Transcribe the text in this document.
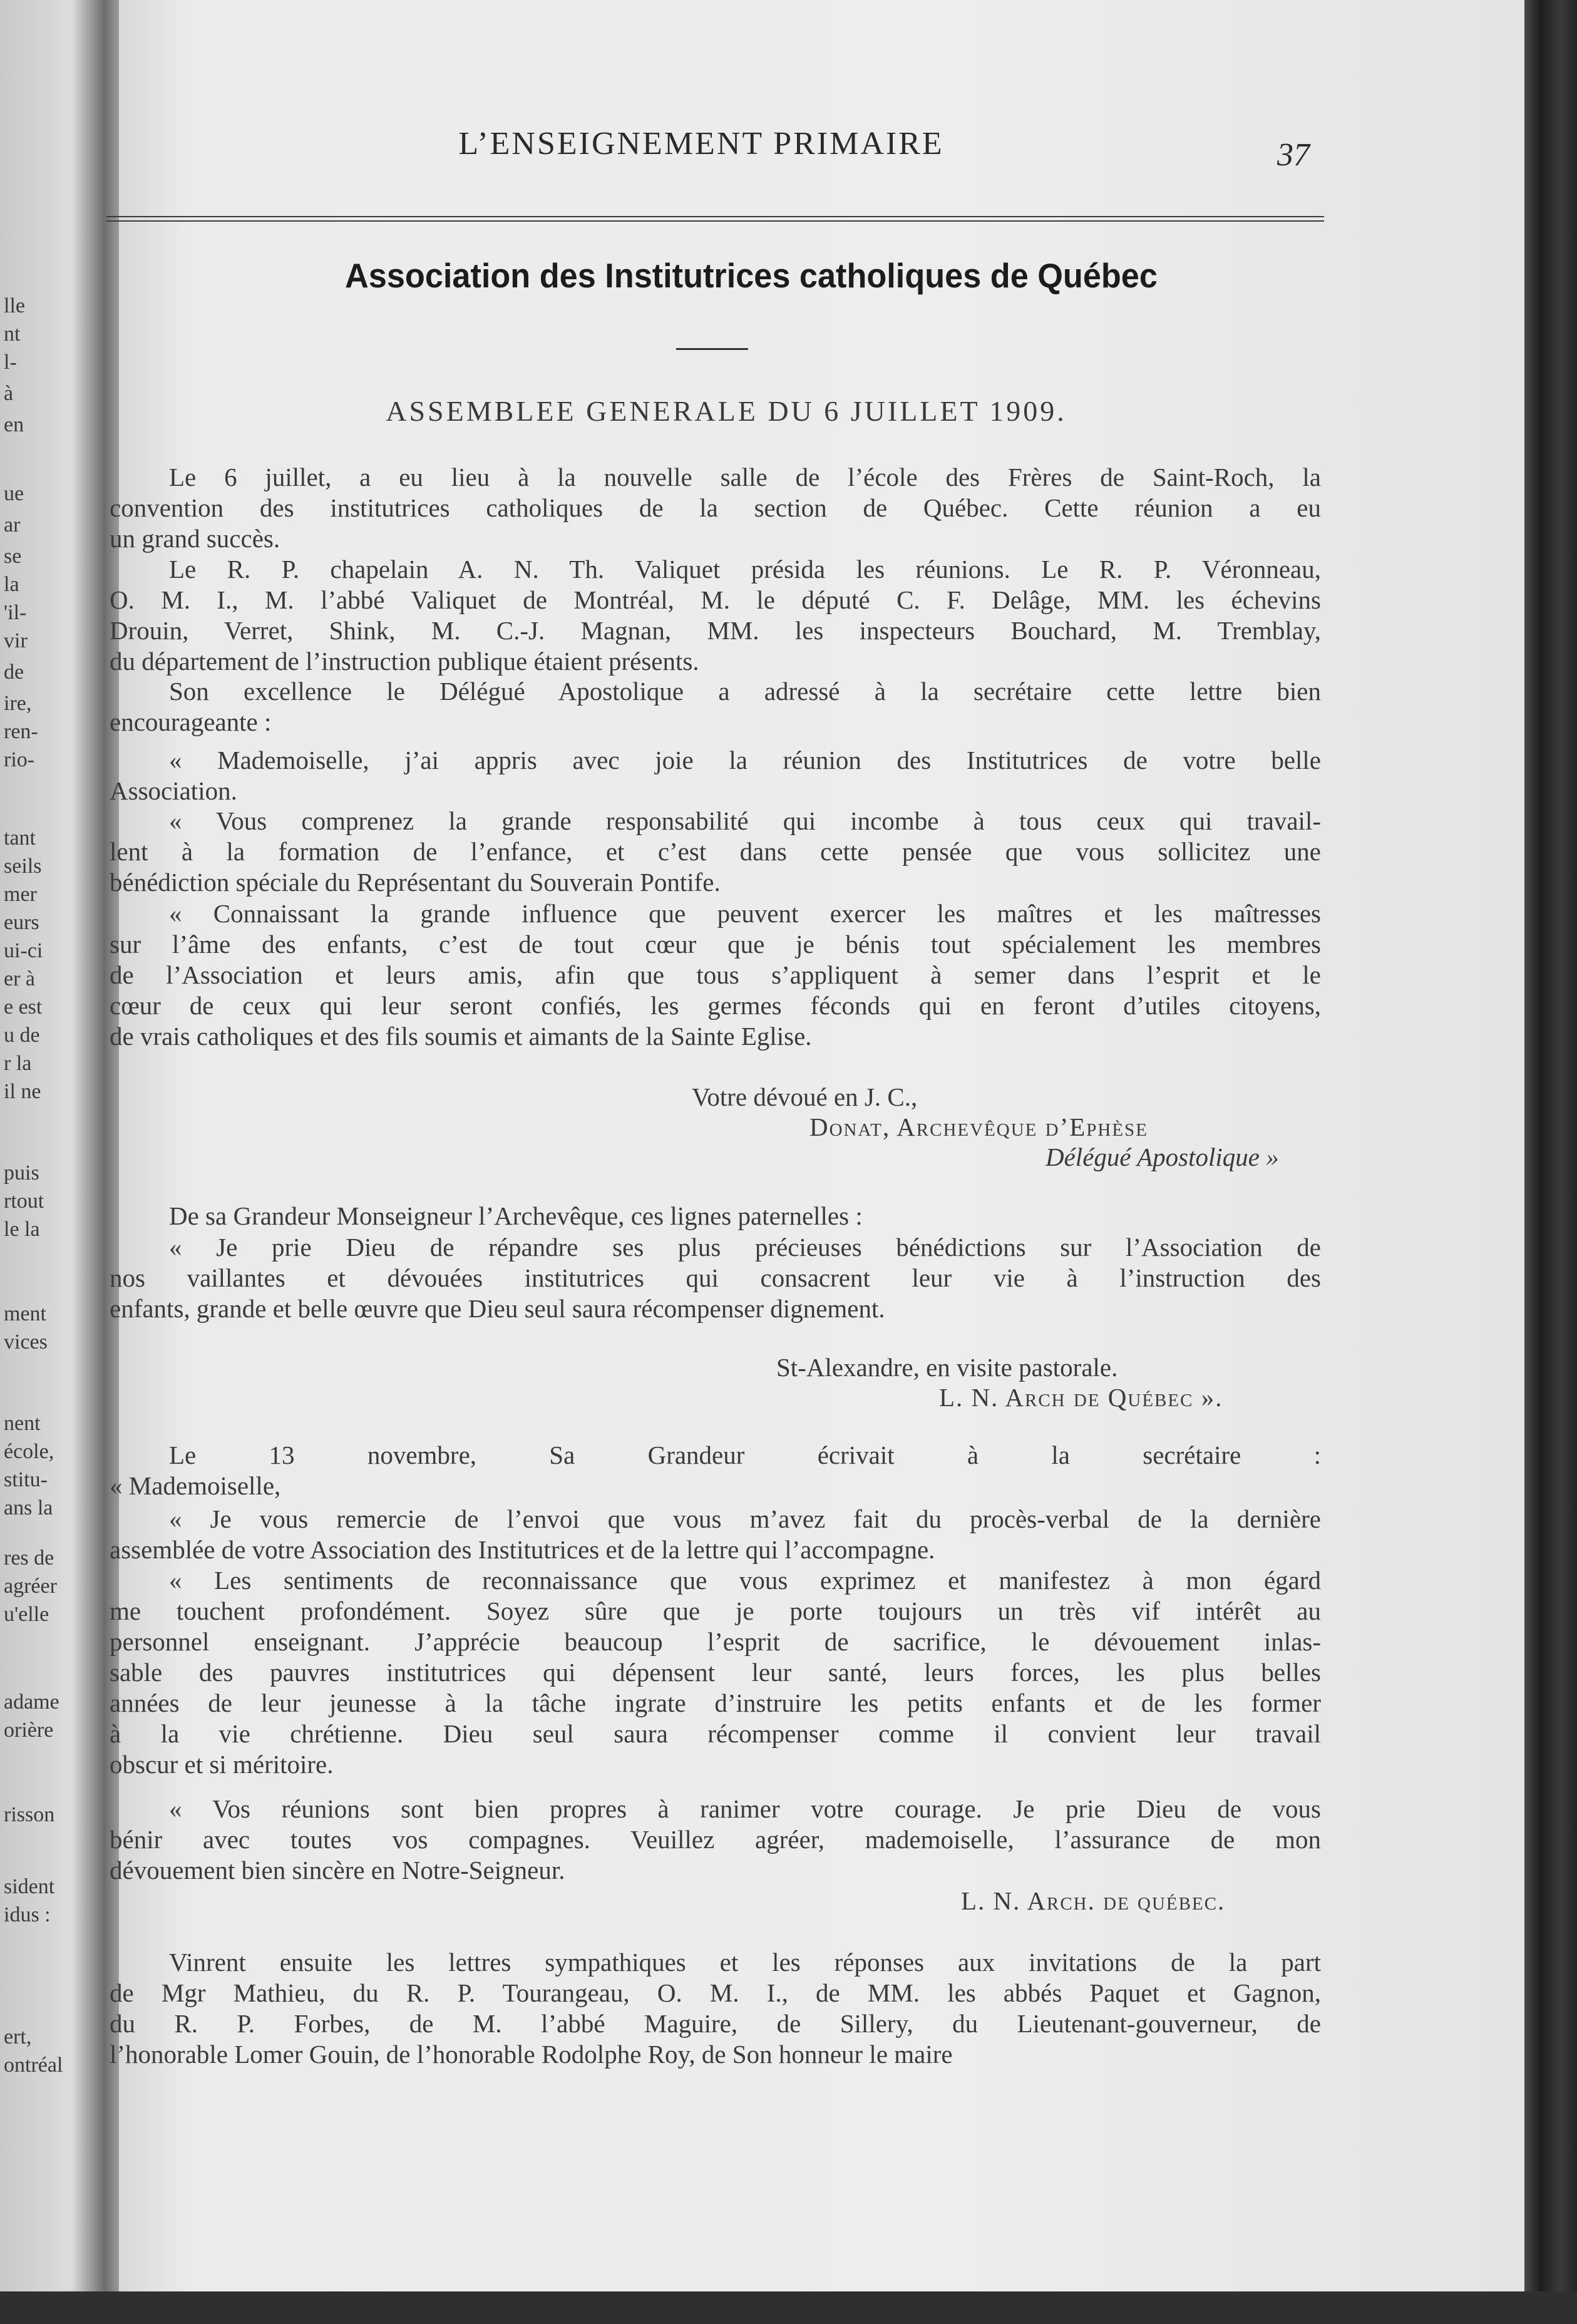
lle
nt
l-
à
en
ue
ar
se
la
'il-
vir
de
ire,
ren-
rio-
tant
seils
mer
eurs
ui-ci
er à
e est
u de
r la
il ne
puis
rtout
le la
ment
vices
nent
école,
stitu-
ans la
res de
agréer
u'elle
adame
orière
risson
sident
idus :
ert,
ontréal
L’ENSEIGNEMENT PRIMAIRE	37
Association des Institutrices catholiques de Québec
ASSEMBLEE GENERALE DU 6 JUILLET 1909.
Le 6 juillet, a eu lieu à la nouvelle salle de l’école des Frères de Saint-Roch, la
convention des institutrices catholiques de la section de Québec. Cette réunion a eu
un grand succès.
Le R. P. chapelain A. N. Th. Valiquet présida les réunions. Le R. P. Véronneau,
O. M. I., M. l’abbé Valiquet de Montréal, M. le député C. F. Delâge, MM. les échevins
Drouin, Verret, Shink, M. C.-J. Magnan, MM. les inspecteurs Bouchard, M. Tremblay,
du département de l’instruction publique étaient présents.
Son excellence le Délégué Apostolique a adressé à la secrétaire cette lettre bien
encourageante :
« Mademoiselle, j’ai appris avec joie la réunion des Institutrices de votre belle
Association.
« Vous comprenez la grande responsabilité qui incombe à tous ceux qui travail-
lent à la formation de l’enfance, et c’est dans cette pensée que vous sollicitez une
bénédiction spéciale du Représentant du Souverain Pontife.
« Connaissant la grande influence que peuvent exercer les maîtres et les maîtresses
sur l’âme des enfants, c’est de tout cœur que je bénis tout spécialement les membres
de l’Association et leurs amis, afin que tous s’appliquent à semer dans l’esprit et le
cœur de ceux qui leur seront confiés, les germes féconds qui en feront d’utiles citoyens,
de vrais catholiques et des fils soumis et aimants de la Sainte Eglise.
Votre dévoué en J. C.,
Donat, Archevêque d’Ephèse
Délégué Apostolique »
De sa Grandeur Monseigneur l’Archevêque, ces lignes paternelles :
« Je prie Dieu de répandre ses plus précieuses bénédictions sur l’Association de
nos vaillantes et dévouées institutrices qui consacrent leur vie à l’instruction des
enfants, grande et belle œuvre que Dieu seul saura récompenser dignement.
St-Alexandre, en visite pastorale.
L. N. Arch de Québec ».
Le 13 novembre, Sa Grandeur écrivait à la secrétaire :
« Mademoiselle,
« Je vous remercie de l’envoi que vous m’avez fait du procès-verbal de la dernière
assemblée de votre Association des Institutrices et de la lettre qui l’accompagne.
« Les sentiments de reconnaissance que vous exprimez et manifestez à mon égard
me touchent profondément. Soyez sûre que je porte toujours un très vif intérêt au
personnel enseignant. J’apprécie beaucoup l’esprit de sacrifice, le dévouement inlas-
sable des pauvres institutrices qui dépensent leur santé, leurs forces, les plus belles
années de leur jeunesse à la tâche ingrate d’instruire les petits enfants et de les former
à la vie chrétienne. Dieu seul saura récompenser comme il convient leur travail
obscur et si méritoire.
« Vos réunions sont bien propres à ranimer votre courage. Je prie Dieu de vous
bénir avec toutes vos compagnes. Veuillez agréer, mademoiselle, l’assurance de mon
dévouement bien sincère en Notre-Seigneur.
L. N. Arch. de québec.
Vinrent ensuite les lettres sympathiques et les réponses aux invitations de la part
de Mgr Mathieu, du R. P. Tourangeau, O. M. I., de MM. les abbés Paquet et Gagnon,
du R. P. Forbes, de M. l’abbé Maguire, de Sillery, du Lieutenant-gouverneur, de
l’honorable Lomer Gouin, de l’honorable Rodolphe Roy, de Son honneur le maire
